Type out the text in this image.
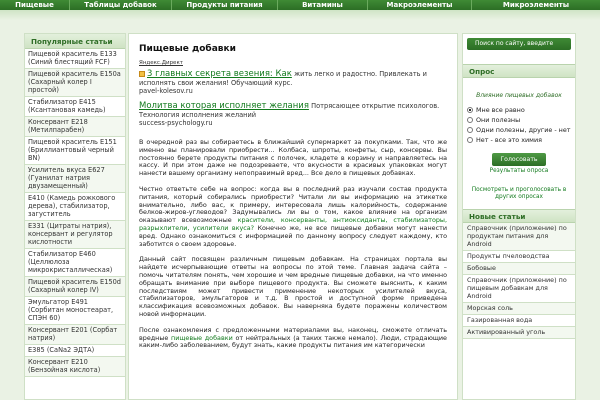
Пищевые	Таблицы добавок	Продукты питания	Витамины	Макроэлементы	Микроэлементы
Популярные статьи
Пищевой краситель Е133 (Синий блестящий FCF)
Пищевой краситель Е150а (Сахарный колер I простой)
Стабилизатор Е415 (Ксантановая камедь)
Консервант Е218 (Метилпарабен)
Пищевой краситель Е151 (Бриллиантовый черный BN)
Усилитель вкуса Е627 (Гуанилат натрия двузамещенный)
Е410 (Камедь рожкового дерева), стабилизатор, загуститель
Е331 (Цитраты натрия), консервант и регулятор кислотности
Стабилизатор Е460 (Целлюлоза микрокристаллическая)
Пищевой краситель Е150d (Сахарный колер IV)
Эмульгатор Е491 (Сорбитан моностеарат, СПЭН 60)
Консервант Е201 (Сорбат натрия)
Е385 (CaNa2 ЭДТА)
Консервант Е210 (Бензойная кислота)
Пищевые добавки
Яндекс.Директ
3 главных секрета везения: Как жить легко и радостно. Привлекать и исполнять свои желания! Обучающий курс.
pavel-kolesov.ru
Молитва которая исполняет желания Потрясающее открытие психологов. Технология исполнения желаний
success-psychology.ru

В очередной раз вы собираетесь в ближайший супермаркет за покупками. Так, что же именно вы планировали приобрести... Колбаса, шпроты, конфеты, сыр, консервы. Вы постоянно берете продукты питания с полочек, кладете в корзину и направляетесь на кассу. И при этом даже не подозреваете, что вкусности в красивых упаковках могут нанести вашему организму непоправимый вред... Все дело в пищевых добавках.

Честно ответьте себе на вопрос: когда вы в последний раз изучали состав продукта питания, который собирались приобрести? Читали ли вы информацию на этикетке внимательно, либо вас, к примеру, интересовала лишь калорийность, содержание белков-жиров-углеводов? Задумывались ли вы о том, какое влияние на организм оказывают всевозможные красители, консерванты, антиоксиданты, стабилизаторы, разрыхлители, усилители вкуса? Конечно же, не все пищевые добавки могут нанести вред. Однако ознакомиться с информацией по данному вопросу следует каждому, кто заботится о своем здоровье.

Данный сайт посвящен различным пищевым добавкам. На страницах портала вы найдете исчерпывающие ответы на вопросы по этой теме. Главная задача сайта – помочь читателям понять, чем хорошие и чем вредные пищевые добавки, на что именно обращать внимание при выборе пищевого продукта. Вы сможете выяснить, к каким последствиям может привести применение некоторых усилителей вкуса, стабилизаторов, эмульгаторов и т.д. В простой и доступной форме приведена классификация всевозможных добавок. Вы наверняка будете поражены количеством новой информации.

После ознакомления с предложенными материалами вы, наконец, сможете отличать вредные пищевые добавки от нейтральных (а таких также немало). Люди, страдающие каким-либо заболеванием, будут знать, какие продукты питания им категорически

Поиск по сайту, введите
Опрос
Влияние пищевых добавок
Мне все равно
Они полезны
Одни полезны, другие - нет
Нет - все это химия
Голосовать
Результаты опроса
Посмотреть и проголосовать в других опросах
Новые статьи
Справочник (приложение) по продуктам питания для Android
Продукты пчеловодства
Бобовые
Справочник (приложение) по пищевым добавкам для Android
Морская соль
Газированная вода
Активированный уголь
